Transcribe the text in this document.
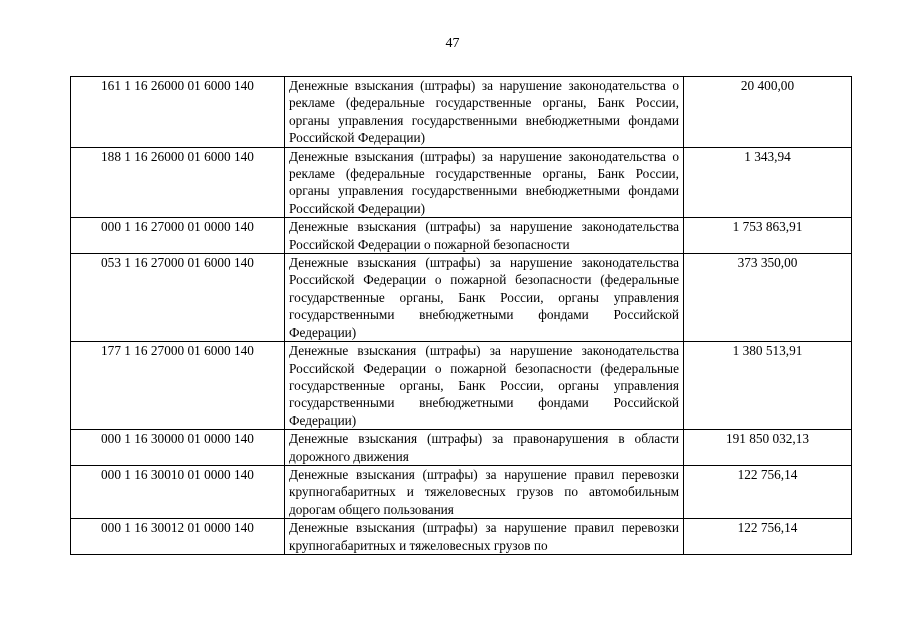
47
161 1 16 26000 01 6000 140	Денежные взыскания (штрафы) за нарушение законодательства о рекламе (федеральные государственные органы, Банк России, органы управления государственными внебюджетными фондами Российской Федерации)	20 400,00
188 1 16 26000 01 6000 140	Денежные взыскания (штрафы) за нарушение законодательства о рекламе (федеральные государственные органы, Банк России, органы управления государственными внебюджетными фондами Российской Федерации)	1 343,94
000 1 16 27000 01 0000 140	Денежные взыскания (штрафы) за нарушение законодательства Российской Федерации о пожарной безопасности	1 753 863,91
053 1 16 27000 01 6000 140	Денежные взыскания (штрафы) за нарушение законодательства Российской Федерации о пожарной безопасности (федеральные государственные органы, Банк России, органы управления государственными внебюджетными фондами Российской Федерации)	373 350,00
177 1 16 27000 01 6000 140	Денежные взыскания (штрафы) за нарушение законодательства Российской Федерации о пожарной безопасности (федеральные государственные органы, Банк России, органы управления государственными внебюджетными фондами Российской Федерации)	1 380 513,91
000 1 16 30000 01 0000 140	Денежные взыскания (штрафы) за правонарушения в области дорожного движения	191 850 032,13
000 1 16 30010 01 0000 140	Денежные взыскания (штрафы) за нарушение правил перевозки крупногабаритных и тяжеловесных грузов по автомобильным дорогам общего пользования	122 756,14
000 1 16 30012 01 0000 140	Денежные взыскания (штрафы) за нарушение правил перевозки крупногабаритных и тяжеловесных грузов по	122 756,14
